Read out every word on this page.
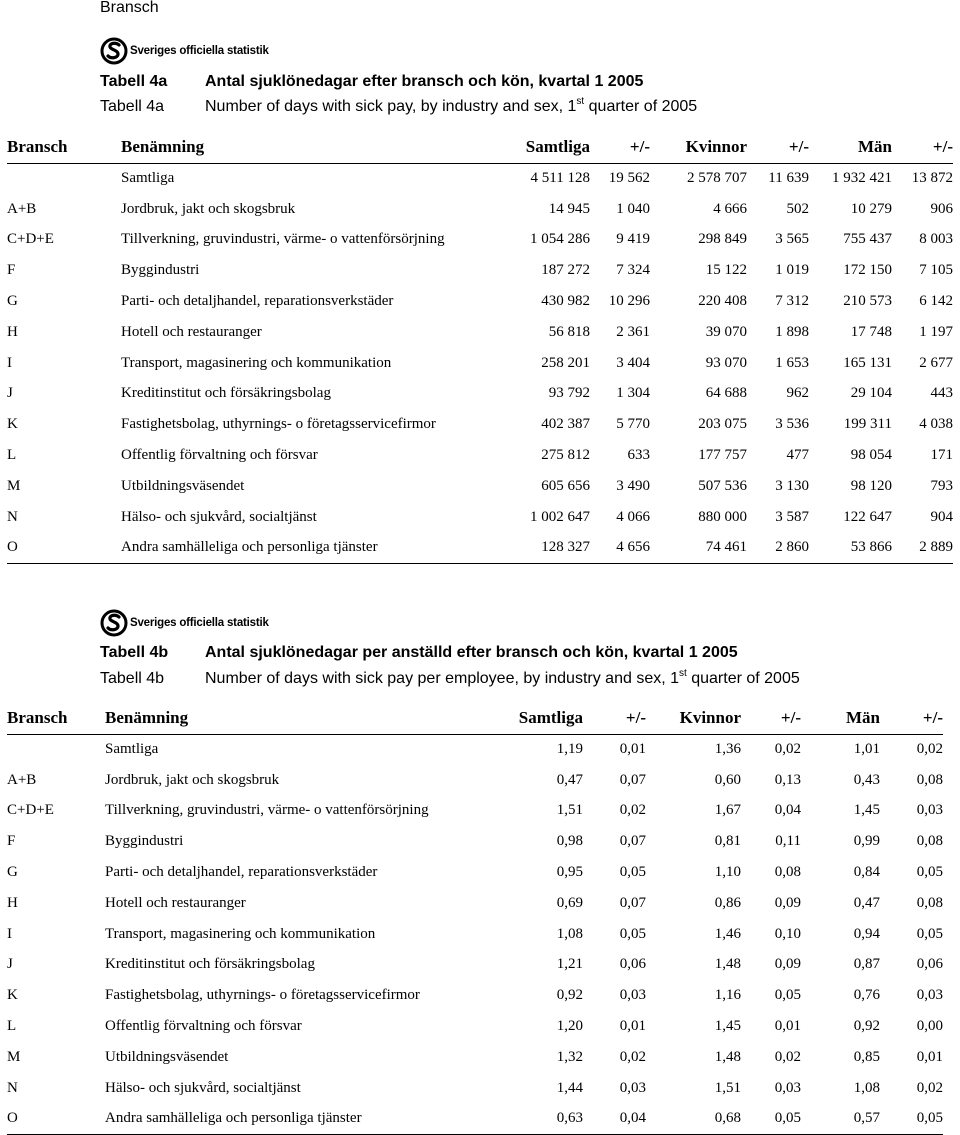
Bransch
Sveriges officiella statistik
Tabell 4a Antal sjuklönedagar efter bransch och kön, kvartal 1 2005
Tabell 4a	Number of days with sick pay, by industry and sex, 1st quarter of 2005
Bransch	Benämning	Samtliga	+/-	Kvinnor	+/-	Män	+/-
	Samtliga	4 511 128	19 562	2 578 707	11 639	1 932 421	13 872
A+B	Jordbruk, jakt och skogsbruk	14 945	1 040	4 666	502	10 279	906
C+D+E	Tillverkning, gruvindustri, värme- o vattenförsörjning	1 054 286	9 419	298 849	3 565	755 437	8 003
F	Byggindustri	187 272	7 324	15 122	1 019	172 150	7 105
G	Parti- och detaljhandel, reparationsverkstäder	430 982	10 296	220 408	7 312	210 573	6 142
H	Hotell och restauranger	56 818	2 361	39 070	1 898	17 748	1 197
I	Transport, magasinering och kommunikation	258 201	3 404	93 070	1 653	165 131	2 677
J	Kreditinstitut och försäkringsbolag	93 792	1 304	64 688	962	29 104	443
K	Fastighetsbolag, uthyrnings- o företagsservicefirmor	402 387	5 770	203 075	3 536	199 311	4 038
L	Offentlig förvaltning och försvar	275 812	633	177 757	477	98 054	171
M	Utbildningsväsendet	605 656	3 490	507 536	3 130	98 120	793
N	Hälso- och sjukvård, socialtjänst	1 002 647	4 066	880 000	3 587	122 647	904
O	Andra samhälleliga och personliga tjänster	128 327	4 656	74 461	2 860	53 866	2 889
Sveriges officiella statistik
Tabell 4b Antal sjuklönedagar per anställd efter bransch och kön, kvartal 1 2005
Tabell 4b	Number of days with sick pay per employee, by industry and sex, 1st quarter of 2005
Bransch	Benämning	Samtliga	+/-	Kvinnor	+/-	Män	+/-
	Samtliga	1,19	0,01	1,36	0,02	1,01	0,02
A+B	Jordbruk, jakt och skogsbruk	0,47	0,07	0,60	0,13	0,43	0,08
C+D+E	Tillverkning, gruvindustri, värme- o vattenförsörjning	1,51	0,02	1,67	0,04	1,45	0,03
F	Byggindustri	0,98	0,07	0,81	0,11	0,99	0,08
G	Parti- och detaljhandel, reparationsverkstäder	0,95	0,05	1,10	0,08	0,84	0,05
H	Hotell och restauranger	0,69	0,07	0,86	0,09	0,47	0,08
I	Transport, magasinering och kommunikation	1,08	0,05	1,46	0,10	0,94	0,05
J	Kreditinstitut och försäkringsbolag	1,21	0,06	1,48	0,09	0,87	0,06
K	Fastighetsbolag, uthyrnings- o företagsservicefirmor	0,92	0,03	1,16	0,05	0,76	0,03
L	Offentlig förvaltning och försvar	1,20	0,01	1,45	0,01	0,92	0,00
M	Utbildningsväsendet	1,32	0,02	1,48	0,02	0,85	0,01
N	Hälso- och sjukvård, socialtjänst	1,44	0,03	1,51	0,03	1,08	0,02
O	Andra samhälleliga och personliga tjänster	0,63	0,04	0,68	0,05	0,57	0,05
